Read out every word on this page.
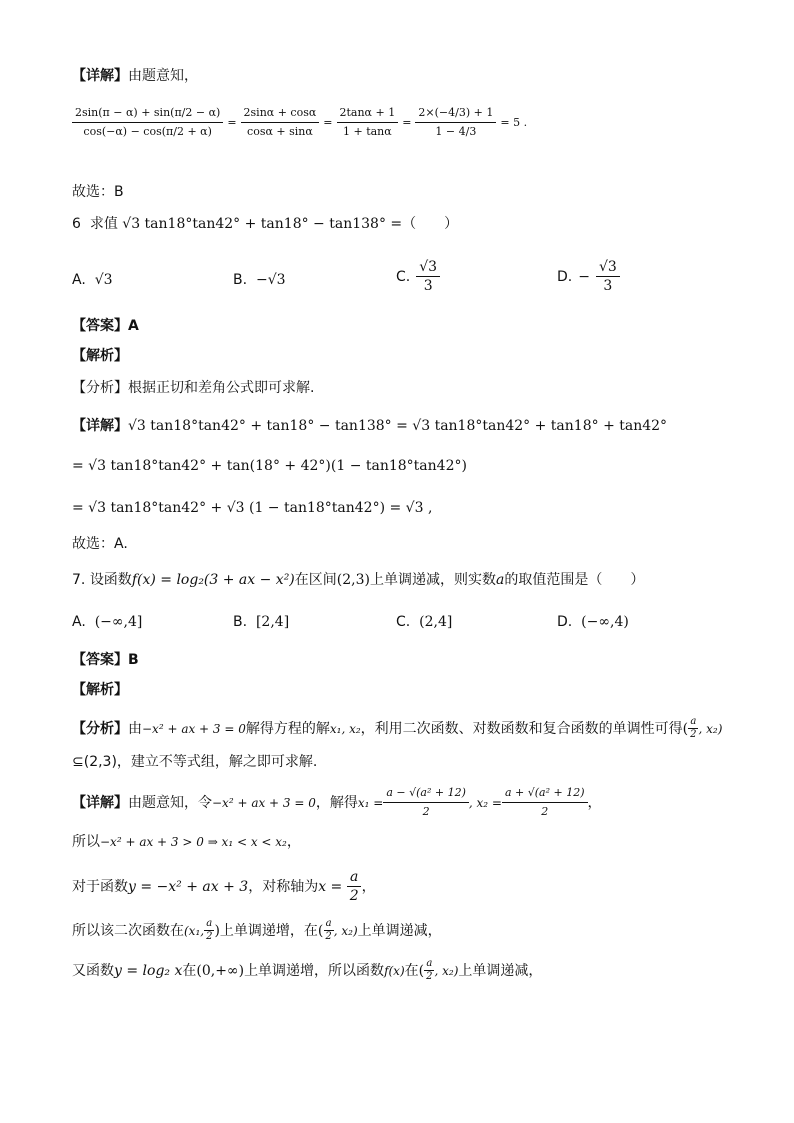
【详解】由题意知，
$\frac{2\sin(\pi - \alpha) + \sin(\pi/2 - \alpha)}{\cos(-\alpha) - \cos(\pi/2 + \alpha)} = \frac{2\sin\alpha + \cos\alpha}{\cos\alpha + \sin\alpha} = \frac{2\tan\alpha + 1}{1 + \tan\alpha} = \frac{2\times(-4/3) + 1}{1 - 4/3} = 5$ .
故选：B
6 求值 √3 tan18°tan42° + tan18° − tan138° =（　　）
A. √3	B. −√3	C. $\frac{√3}{3}$	D. − $\frac{√3}{3}$
【答案】A
【解析】
【分析】根据正切和差角公式即可求解.
【详解】√3 tan18°tan42° + tan18° − tan138° = √3 tan18°tan42° + tan18° + tan42°
= √3 tan18°tan42° + tan(18° + 42°)(1 − tan18°tan42°)
= √3 tan18°tan42° + √3 (1 − tan18°tan42°) = √3 ,
故选：A.
7. 设函数f(x) = log₂(3 + ax − x²)在区间(2,3)上单调递减，则实数a的取值范围是（　　）
A. (−∞,4]	B. [2,4]	C. (2,4]	D. (−∞,4)
【答案】B
【解析】
【分析】 由 −x² + ax + 3 = 0 解得方程的解 x₁, x₂ ，利用二次函数、对数函数和复合函数的单调性可得 ( $\frac{a}{2}$ , x₂)
⊆(2,3)，建立不等式组，解之即可求解.
【详解】 由题意知，令 −x² + ax + 3 = 0 ，解得 $x_1 = \frac{\text{a − √(a² + 12)}}{2}$ , $x_2 = \frac{\text{a + √(a² + 12)}}{2}$ ，
所以−x² + ax + 3 > 0 ⇒ x₁ < x < x₂，
对于函数 y = −x² + ax + 3 ，对称轴为 x =
$\frac{a}{2}$ ，
所以该二次函数在 (x₁, $\frac{a}{2}$ ) 上单调递增，在 ( $\frac{a}{2}$ , x₂) 上单调递减，
又函数 y = log₂ x 在 (0,+∞) 上单调递增，所以函数 f(x) 在 ( $\frac{a}{2}$ , x₂) 上单调递减，
